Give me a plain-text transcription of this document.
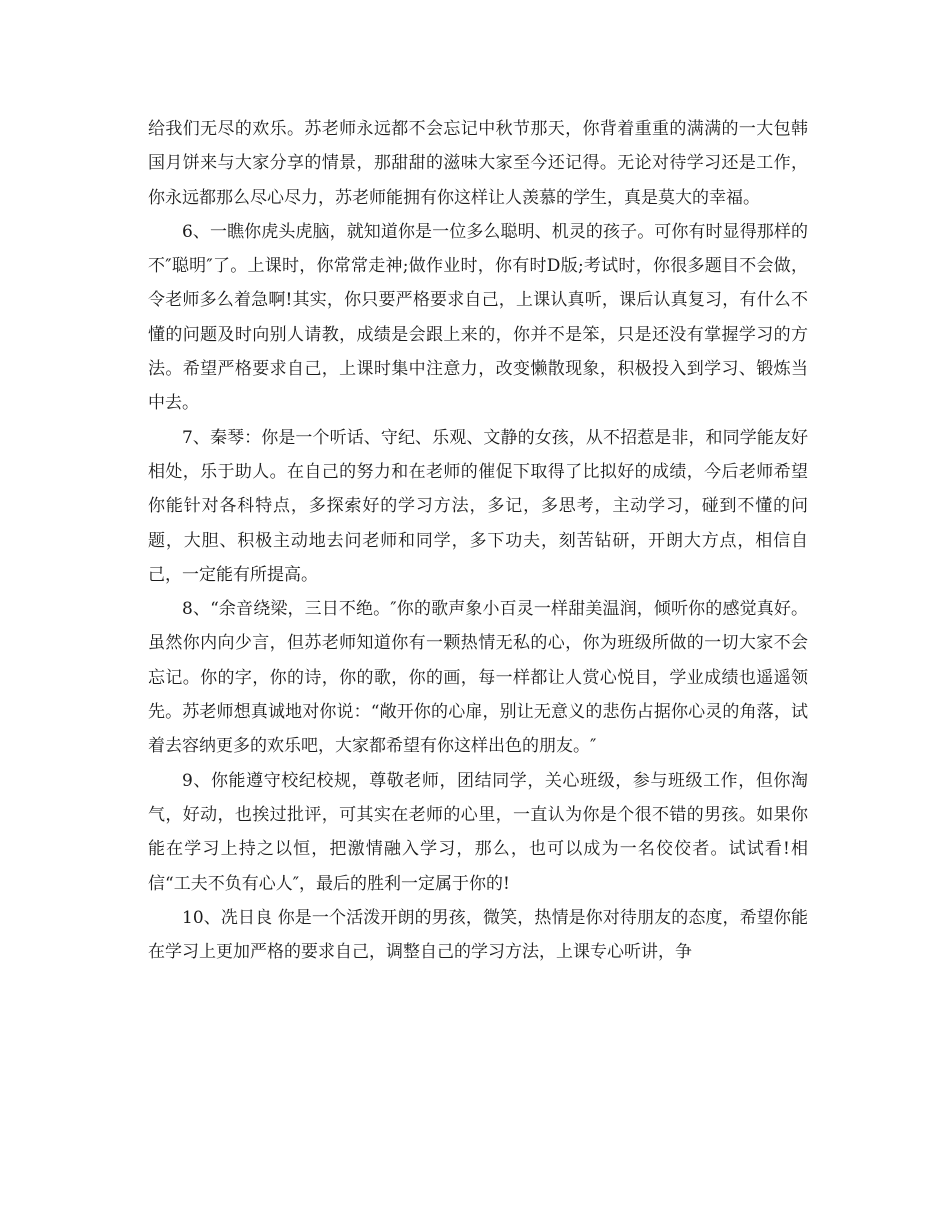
给我们无尽的欢乐。苏老师永远都不会忘记中秋节那天，你背着重重的满满的一大包韩国月饼来与大家分享的情景，那甜甜的滋味大家至今还记得。无论对待学习还是工作，你永远都那么尽心尽力，苏老师能拥有你这样让人羡慕的学生，真是莫大的幸福。

6、一瞧你虎头虎脑，就知道你是一位多么聪明、机灵的孩子。可你有时显得那样的不″聪明″了。上课时，你常常走神;做作业时，你有时D版;考试时，你很多题目不会做，令老师多么着急啊!其实，你只要严格要求自己，上课认真听，课后认真复习，有什么不懂的问题及时向别人请教，成绩是会跟上来的，你并不是笨，只是还没有掌握学习的方法。希望严格要求自己，上课时集中注意力，改变懒散现象，积极投入到学习、锻炼当中去。

7、秦琴：你是一个听话、守纪、乐观、文静的女孩，从不招惹是非，和同学能友好相处，乐于助人。在自己的努力和在老师的催促下取得了比拟好的成绩，今后老师希望你能针对各科特点，多探索好的学习方法，多记，多思考，主动学习，碰到不懂的问题，大胆、积极主动地去问老师和同学，多下功夫，刻苦钻研，开朗大方点，相信自己，一定能有所提高。

8、“余音绕梁，三日不绝。″你的歌声象小百灵一样甜美温润，倾听你的感觉真好。虽然你内向少言，但苏老师知道你有一颗热情无私的心，你为班级所做的一切大家不会忘记。你的字，你的诗，你的歌，你的画，每一样都让人赏心悦目，学业成绩也遥遥领先。苏老师想真诚地对你说：“敞开你的心扉，别让无意义的悲伤占据你心灵的角落，试着去容纳更多的欢乐吧，大家都希望有你这样出色的朋友。″

9、你能遵守校纪校规，尊敬老师，团结同学，关心班级，参与班级工作，但你淘气，好动，也挨过批评，可其实在老师的心里，一直认为你是个很不错的男孩。如果你能在学习上持之以恒，把激情融入学习，那么，也可以成为一名佼佼者。试试看!相信“工夫不负有心人″，最后的胜利一定属于你的!

10、冼日良 你是一个活泼开朗的男孩，微笑，热情是你对待朋友的态度，希望你能在学习上更加严格的要求自己，调整自己的学习方法，上课专心听讲，争
